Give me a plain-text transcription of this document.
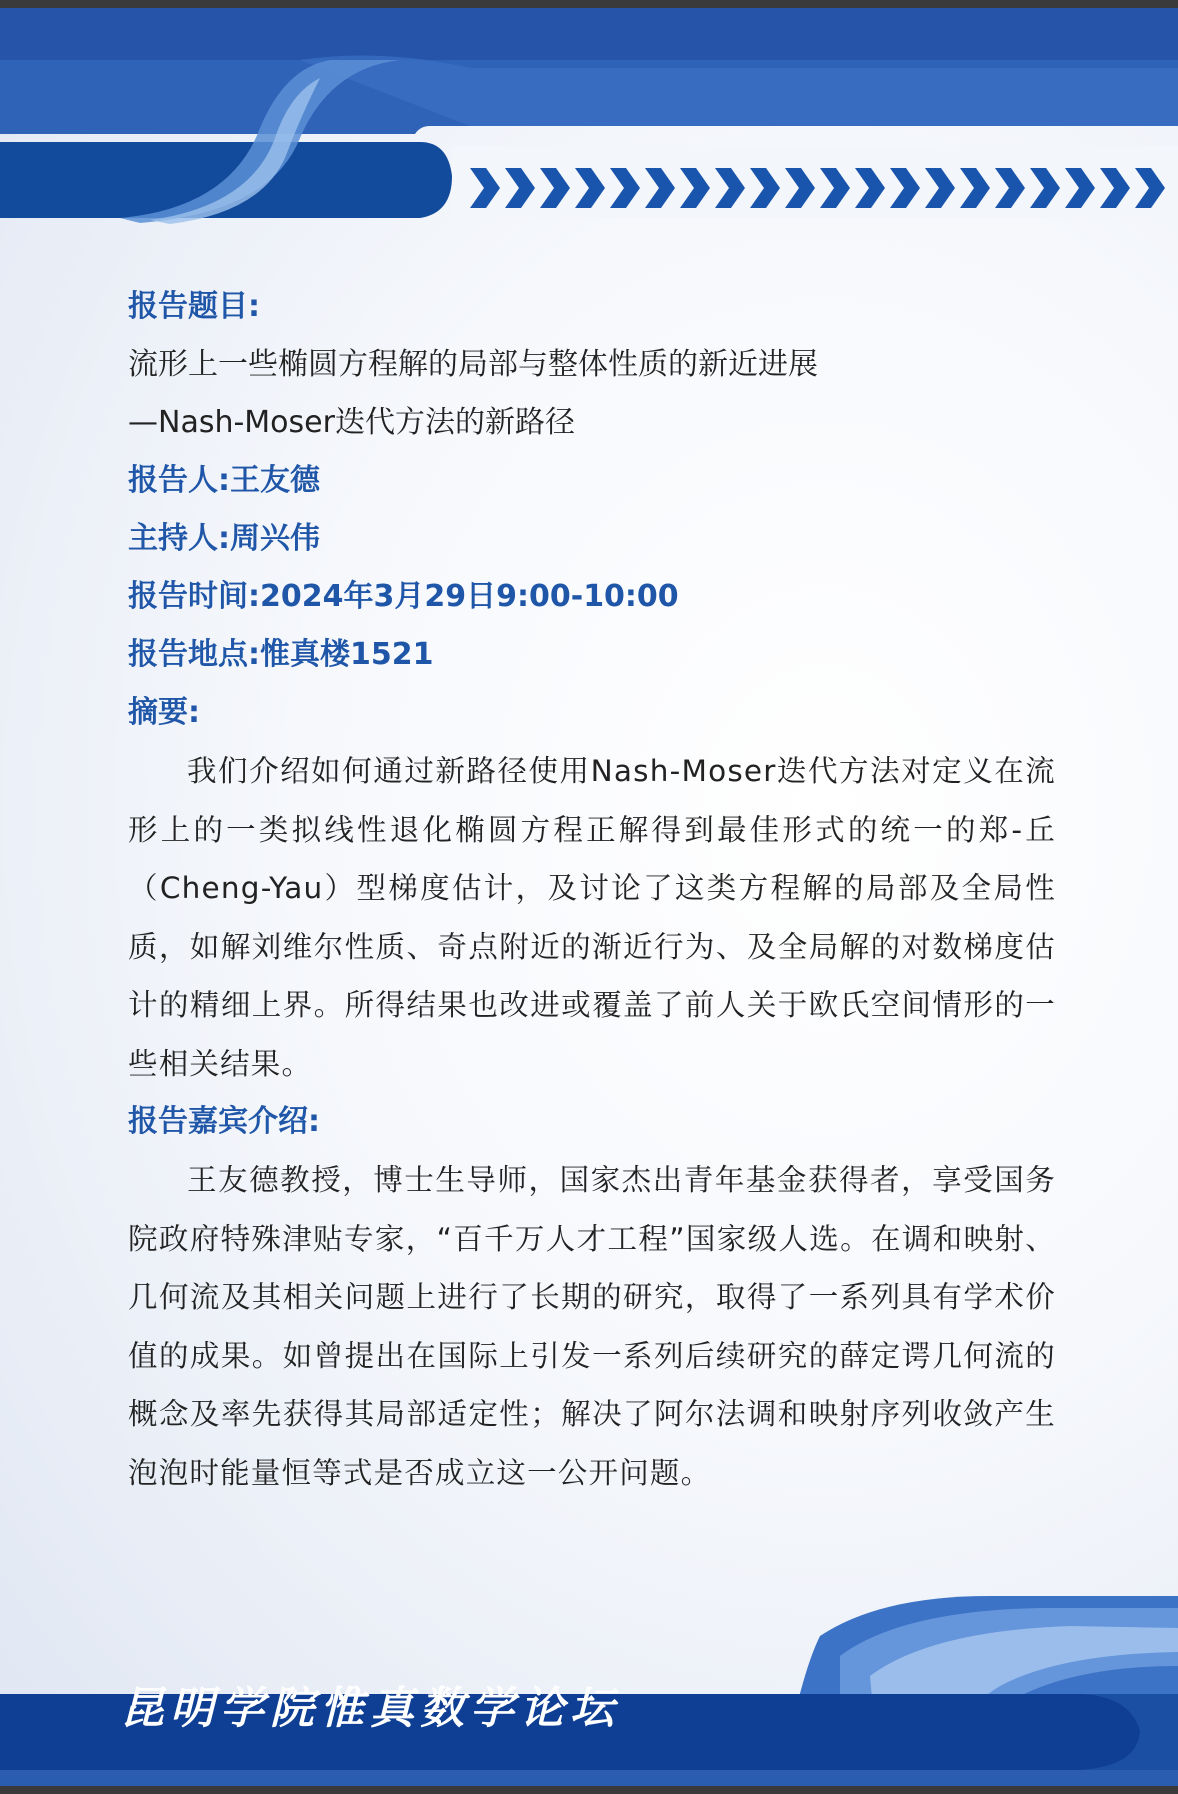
报告题目:
流形上一些椭圆方程解的局部与整体性质的新近进展
—Nash-Moser迭代方法的新路径
报告人:王友德
主持人:周兴伟
报告时间:2024年3月29日9:00-10:00
报告地点:惟真楼1521
摘要:
我们介绍如何通过新路径使用Nash-Moser迭代方法对定义在流形上的一类拟线性退化椭圆方程正解得到最佳形式的统一的郑-丘（Cheng-Yau）型梯度估计，及讨论了这类方程解的局部及全局性质，如解刘维尔性质、奇点附近的渐近行为、及全局解的对数梯度估计的精细上界。所得结果也改进或覆盖了前人关于欧氏空间情形的一些相关结果。
报告嘉宾介绍:
王友德教授，博士生导师，国家杰出青年基金获得者，享受国务院政府特殊津贴专家，“百千万人才工程”国家级人选。在调和映射、几何流及其相关问题上进行了长期的研究，取得了一系列具有学术价值的成果。如曾提出在国际上引发一系列后续研究的薛定谔几何流的概念及率先获得其局部适定性；解决了阿尔法调和映射序列收敛产生泡泡时能量恒等式是否成立这一公开问题。
昆明学院惟真数学论坛
